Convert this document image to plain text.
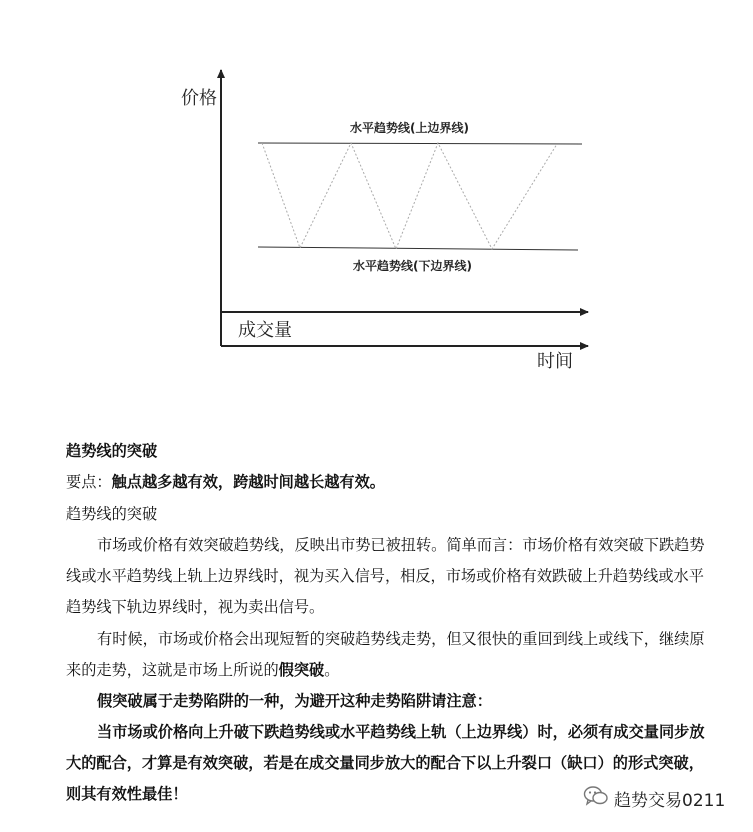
价格
时间
成交量
水平趋势线(上边界线)
水平趋势线(下边界线)

趋势线的突破

要点：触点越多越有效，跨越时间越长越有效。

趋势线的突破

市场或价格有效突破趋势线，反映出市势已被扭转。简单而言：市场价格有效突破下跌趋势线或水平趋势线上轨上边界线时，视为买入信号，相反，市场或价格有效跌破上升趋势线或水平趋势线下轨边界线时，视为卖出信号。

有时候，市场或价格会出现短暂的突破趋势线走势，但又很快的重回到线上或线下，继续原来的走势，这就是市场上所说的假突破。

假突破属于走势陷阱的一种，为避开这种走势陷阱请注意：

当市场或价格向上升破下跌趋势线或水平趋势线上轨（上边界线）时，必须有成交量同步放大的配合，才算是有效突破，若是在成交量同步放大的配合下以上升裂口（缺口）的形式突破，则其有效性最佳！	趋势交易0211
